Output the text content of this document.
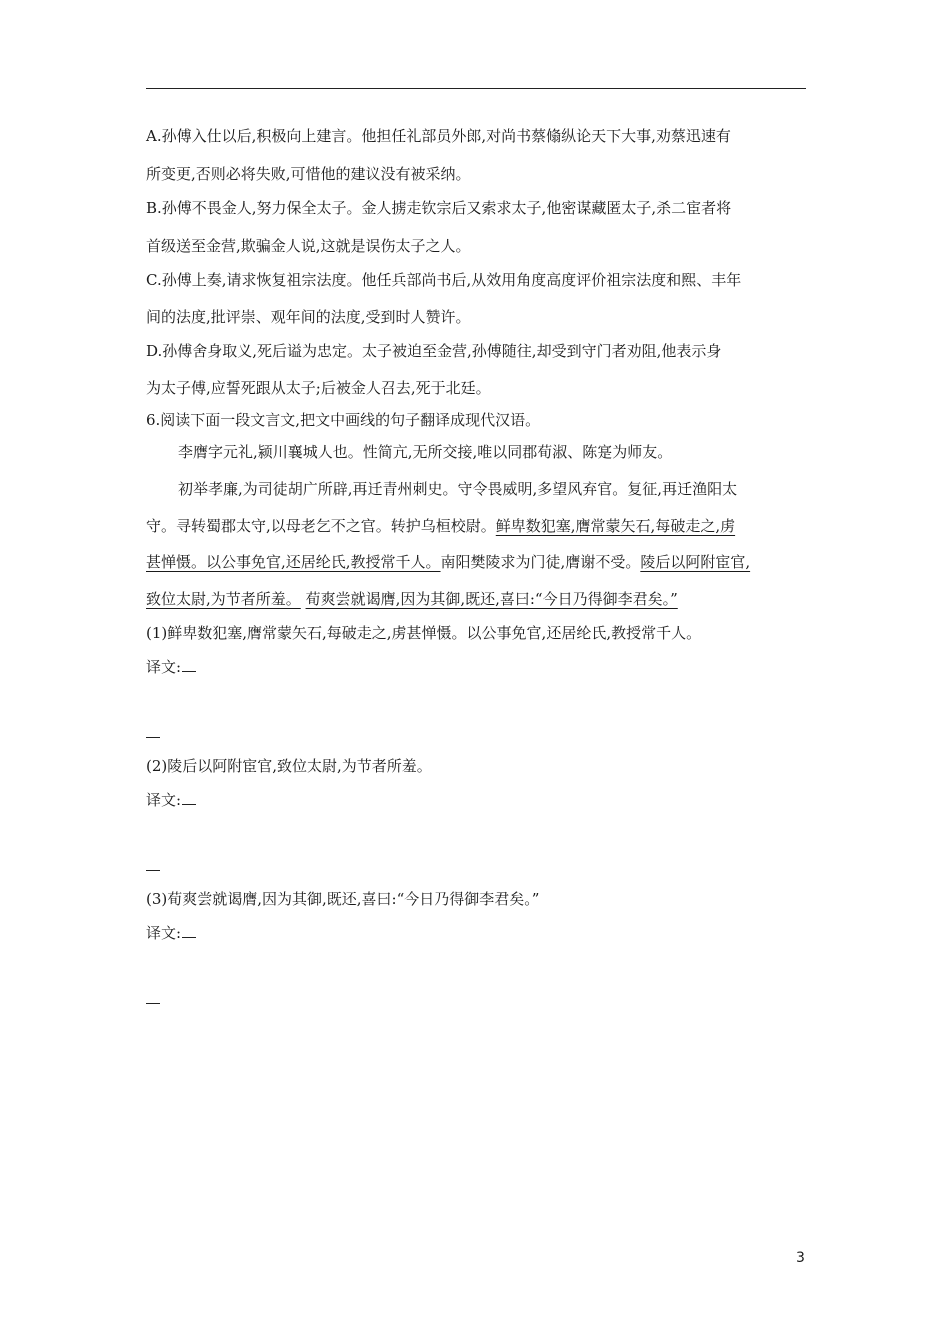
A.孙傅入仕以后,积极向上建言。他担任礼部员外郎,对尚书蔡翛纵论天下大事,劝蔡迅速有
所变更,否则必将失败,可惜他的建议没有被采纳。
B.孙傅不畏金人,努力保全太子。金人掳走钦宗后又索求太子,他密谋藏匿太子,杀二宦者将
首级送至金营,欺骗金人说,这就是误伤太子之人。
C.孙傅上奏,请求恢复祖宗法度。他任兵部尚书后,从效用角度高度评价祖宗法度和熙、丰年
间的法度,批评崇、观年间的法度,受到时人赞许。
D.孙傅舍身取义,死后谥为忠定。太子被迫至金营,孙傅随往,却受到守门者劝阻,他表示身
为太子傅,应誓死跟从太子;后被金人召去,死于北廷。
6.阅读下面一段文言文,把文中画线的句子翻译成现代汉语。
李膺字元礼,颍川襄城人也。性简亢,无所交接,唯以同郡荀淑、陈寔为师友。
初举孝廉,为司徒胡广所辟,再迁青州刺史。守令畏威明,多望风弃官。复征,再迁渔阳太
守。寻转蜀郡太守,以母老乞不之官。转护乌桓校尉。鲜卑数犯塞,膺常蒙矢石,每破走之,虏
甚惮慑。以公事免官,还居纶氏,教授常千人。南阳樊陵求为门徒,膺谢不受。陵后以阿附宦官,
致位太尉,为节者所羞。 荀爽尝就谒膺,因为其御,既还,喜曰:“今日乃得御李君矣。”
(1)鲜卑数犯塞,膺常蒙矢石,每破走之,虏甚惮慑。以公事免官,还居纶氏,教授常千人。
译文:
(2)陵后以阿附宦官,致位太尉,为节者所羞。
译文:
(3)荀爽尝就谒膺,因为其御,既还,喜曰:“今日乃得御李君矣。”
译文:
3
